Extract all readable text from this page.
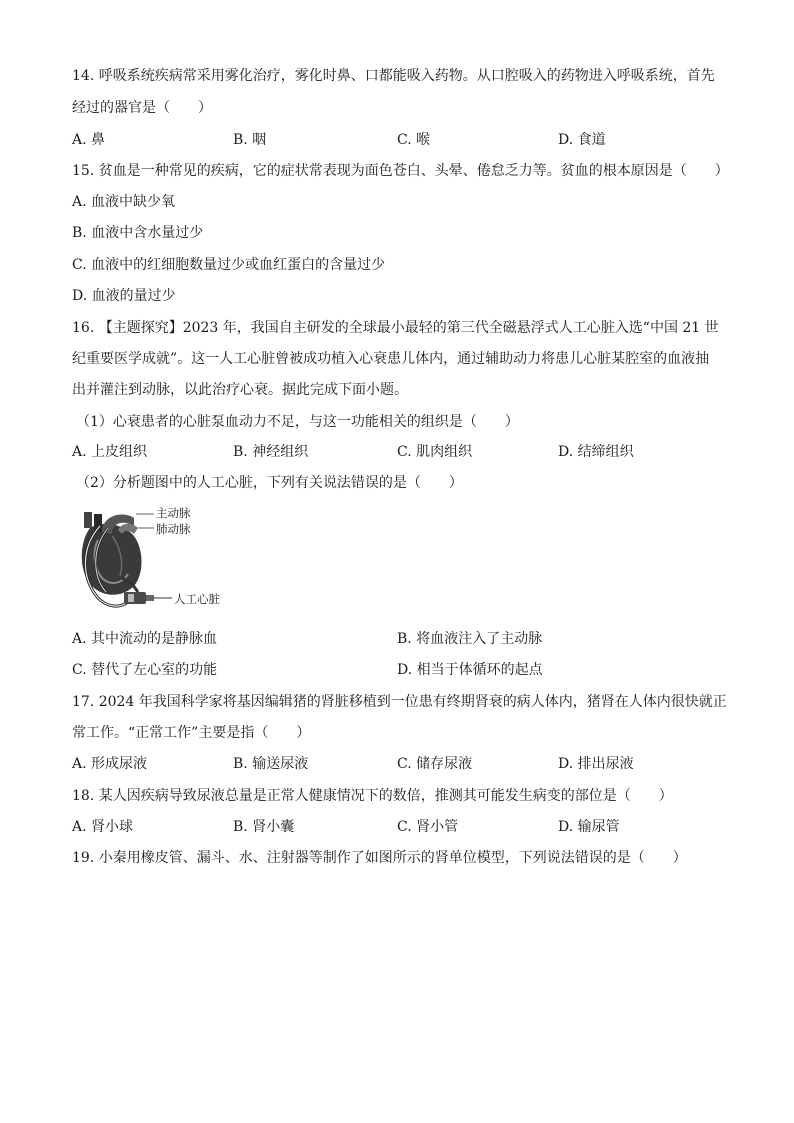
14. 呼吸系统疾病常采用雾化治疗，雾化时鼻、口都能吸入药物。从口腔吸入的药物进入呼吸系统，首先
经过的器官是（　　）
A. 鼻	B. 咽	C. 喉	D. 食道
15. 贫血是一种常见的疾病，它的症状常表现为面色苍白、头晕、倦怠乏力等。贫血的根本原因是（　　）
A. 血液中缺少氧
B. 血液中含水量过少
C. 血液中的红细胞数量过少或血红蛋白的含量过少
D. 血液的量过少
16. 【主题探究】2023 年，我国自主研发的全球最小最轻的第三代全磁悬浮式人工心脏入选“中国 21 世
纪重要医学成就”。这一人工心脏曾被成功植入心衰患儿体内，通过辅助动力将患儿心脏某腔室的血液抽
出并灌注到动脉，以此治疗心衰。据此完成下面小题。
（1）心衰患者的心脏泵血动力不足，与这一功能相关的组织是（　　）
A. 上皮组织	B. 神经组织	C. 肌肉组织	D. 结缔组织
（2）分析题图中的人工心脏，下列有关说法错误的是（　　）
主动脉
肺动脉
人工心脏
A. 其中流动的是静脉血	B. 将血液注入了主动脉
C. 替代了左心室的功能	D. 相当于体循环的起点
17. 2024 年我国科学家将基因编辑猪的肾脏移植到一位患有终期肾衰的病人体内，猪肾在人体内很快就正
常工作。“正常工作”主要是指（　　）
A. 形成尿液	B. 输送尿液	C. 储存尿液	D. 排出尿液
18. 某人因疾病导致尿液总量是正常人健康情况下的数倍，推测其可能发生病变的部位是（　　）
A. 肾小球	B. 肾小囊	C. 肾小管	D. 输尿管
19. 小秦用橡皮管、漏斗、水、注射器等制作了如图所示的肾单位模型，下列说法错误的是（　　）
